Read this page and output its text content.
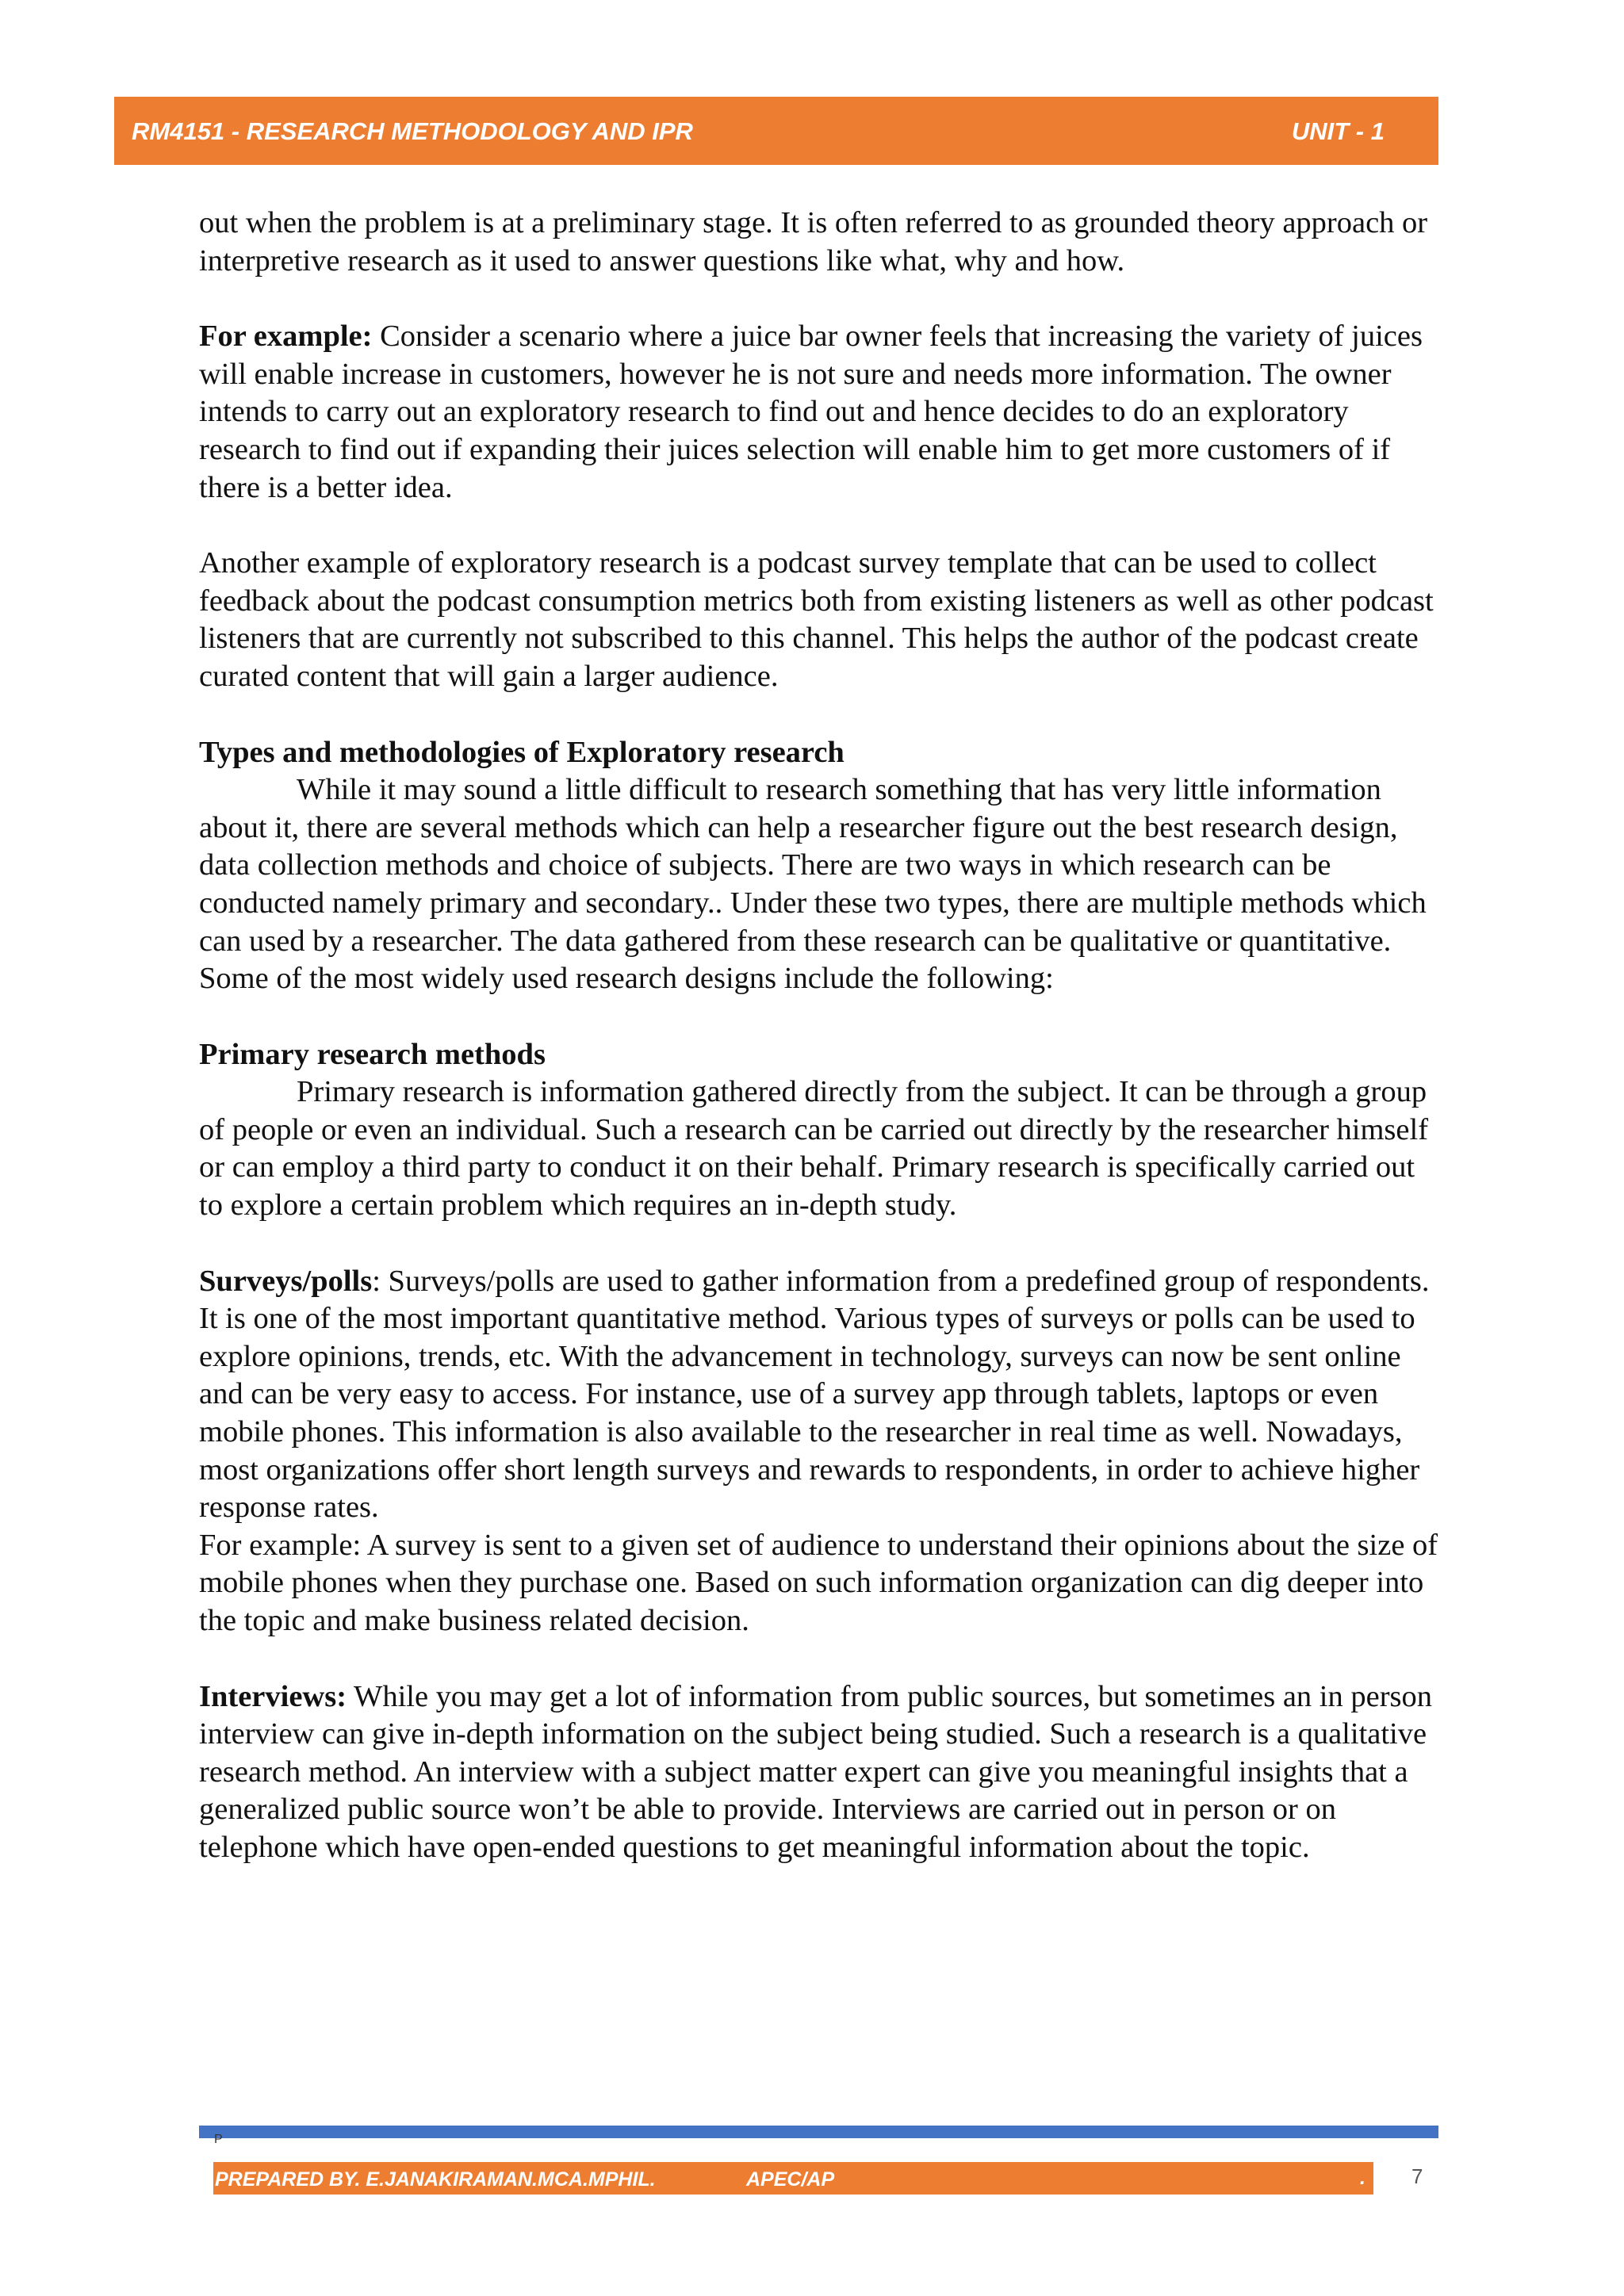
RM4151 - RESEARCH METHODOLOGY AND IPR	UNIT - 1

out when the problem is at a preliminary stage. It is often referred to as grounded theory approach or interpretive research as it used to answer questions like what, why and how.

For example: Consider a scenario where a juice bar owner feels that increasing the variety of juices will enable increase in customers, however he is not sure and needs more information. The owner intends to carry out an exploratory research to find out and hence decides to do an exploratory research to find out if expanding their juices selection will enable him to get more customers of if there is a better idea.

Another example of exploratory research is a podcast survey template that can be used to collect feedback about the podcast consumption metrics both from existing listeners as well as other podcast listeners that are currently not subscribed to this channel. This helps the author of the podcast create curated content that will gain a larger audience.

Types and methodologies of Exploratory research
While it may sound a little difficult to research something that has very little information about it, there are several methods which can help a researcher figure out the best research design, data collection methods and choice of subjects. There are two ways in which research can be conducted namely primary and secondary.. Under these two types, there are multiple methods which can used by a researcher. The data gathered from these research can be qualitative or quantitative. Some of the most widely used research designs include the following:

Primary research methods
Primary research is information gathered directly from the subject. It can be through a group of people or even an individual. Such a research can be carried out directly by the researcher himself or can employ a third party to conduct it on their behalf. Primary research is specifically carried out to explore a certain problem which requires an in-depth study.

Surveys/polls: Surveys/polls are used to gather information from a predefined group of respondents. It is one of the most important quantitative method. Various types of surveys or polls can be used to explore opinions, trends, etc. With the advancement in technology, surveys can now be sent online and can be very easy to access. For instance, use of a survey app through tablets, laptops or even mobile phones. This information is also available to the researcher in real time as well. Nowadays, most organizations offer short length surveys and rewards to respondents, in order to achieve higher response rates.
For example: A survey is sent to a given set of audience to understand their opinions about the size of mobile phones when they purchase one. Based on such information organization can dig deeper into the topic and make business related decision.

Interviews: While you may get a lot of information from public sources, but sometimes an in person interview can give in-depth information on the subject being studied. Such a research is a qualitative research method. An interview with a subject matter expert can give you meaningful insights that a generalized public source won’t be able to provide. Interviews are carried out in person or on telephone which have open-ended questions to get meaningful information about the topic.

P
PREPARED BY. E.JANAKIRAMAN.MCA.MPHIL.	APEC/AP	. 7
